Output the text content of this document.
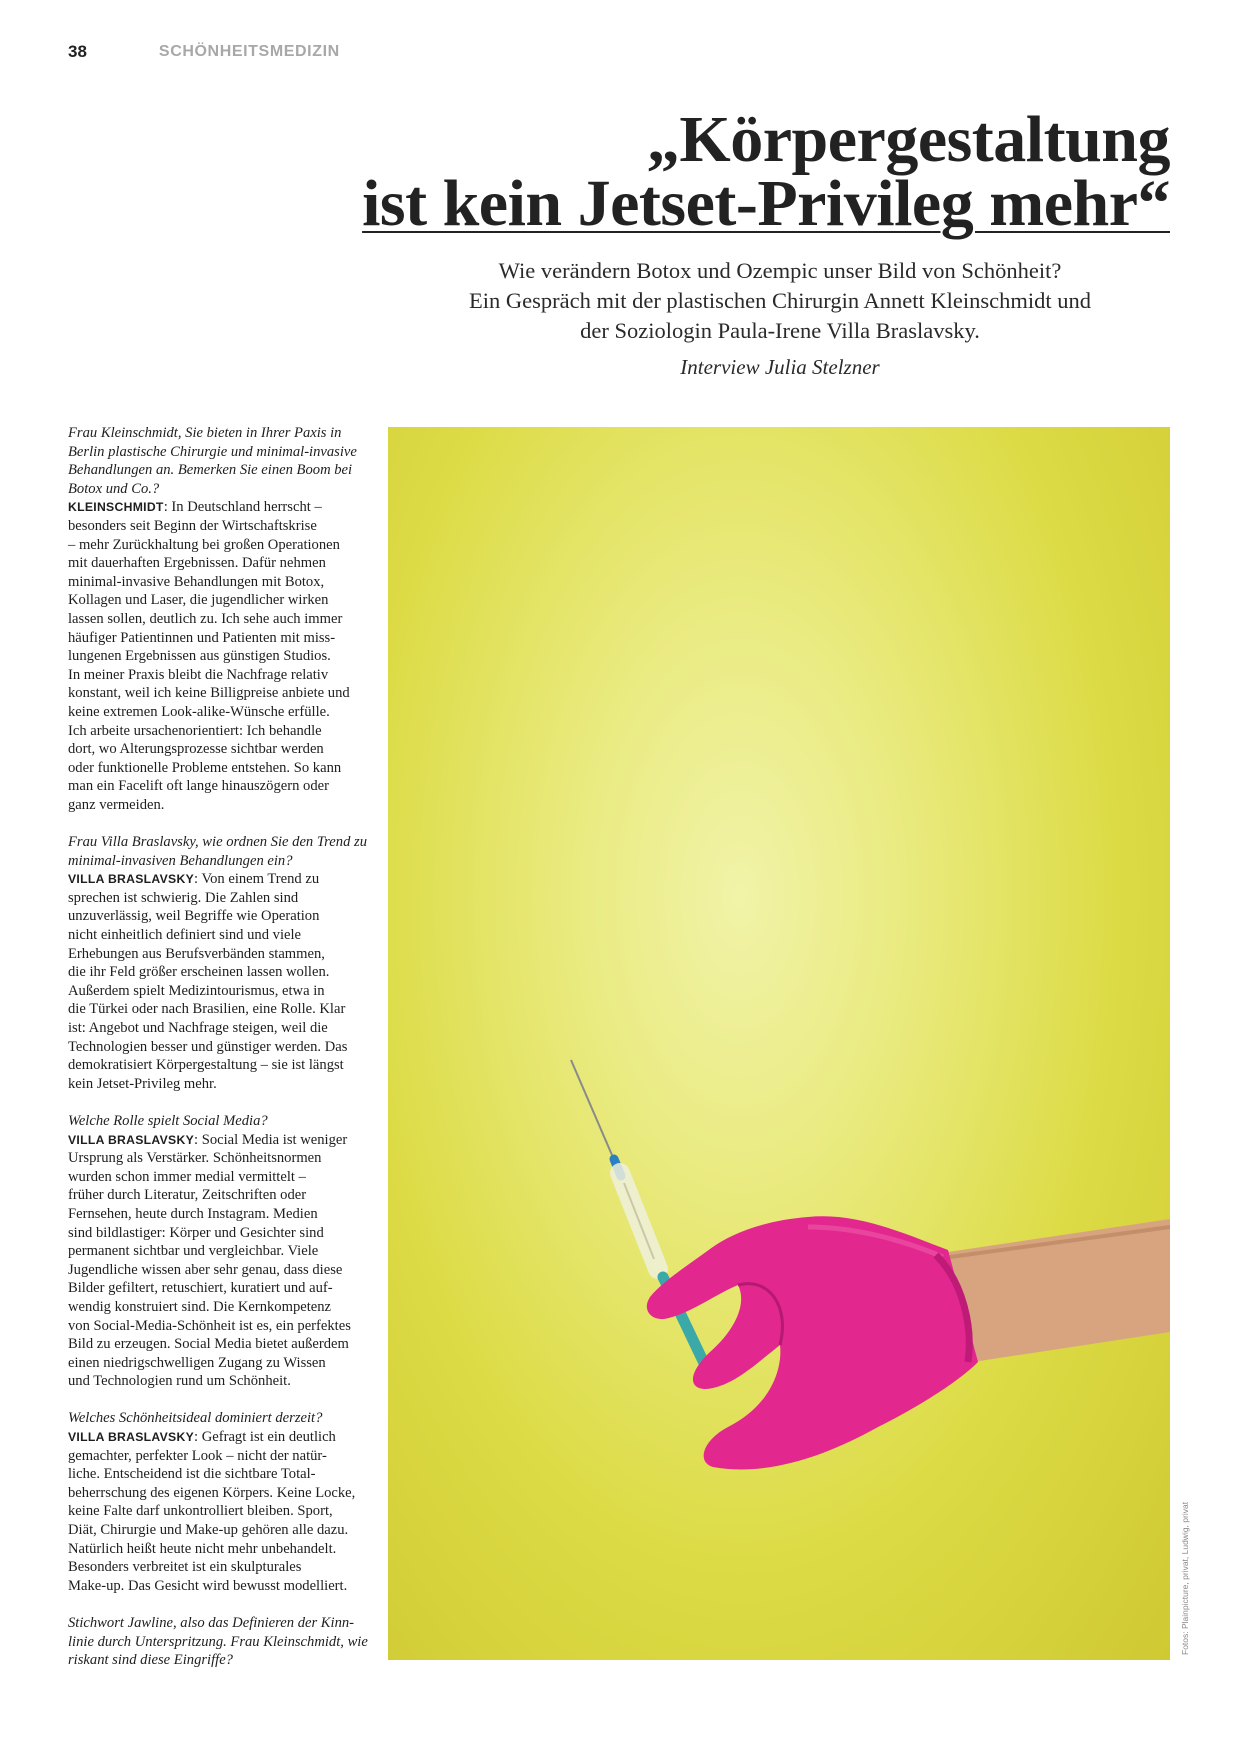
38	SCHÖNHEITSMEDIZIN
„Körpergestaltung
ist kein Jetset-Privileg mehr“
Wie verändern Botox und Ozempic unser Bild von Schönheit?
Ein Gespräch mit der plastischen Chirurgin Annett Kleinschmidt und
der Soziologin Paula-Irene Villa Braslavsky.
Interview Julia Stelzner
Frau Kleinschmidt, Sie bieten in Ihrer Paxis in
Berlin plastische Chirurgie und minimal-invasive
Behandlungen an. Bemerken Sie einen Boom bei
Botox und Co.?
KLEINSCHMIDT: In Deutschland herrscht –
besonders seit Beginn der Wirtschaftskrise
– mehr Zurückhaltung bei großen Operationen
mit dauerhaften Ergebnissen. Dafür nehmen
minimal-invasive Behandlungen mit Botox,
Kollagen und Laser, die jugendlicher wirken
lassen sollen, deutlich zu. Ich sehe auch immer
häufiger Patientinnen und Patienten mit miss-
lungenen Ergebnissen aus günstigen Studios.
In meiner Praxis bleibt die Nachfrage relativ
konstant, weil ich keine Billigpreise anbiete und
keine extremen Look-alike-Wünsche erfülle.
Ich arbeite ursachenorientiert: Ich behandle
dort, wo Alterungsprozesse sichtbar werden
oder funktionelle Probleme entstehen. So kann
man ein Facelift oft lange hinauszögern oder
ganz vermeiden.
Frau Villa Braslavsky, wie ordnen Sie den Trend zu
minimal-invasiven Behandlungen ein?
VILLA BRASLAVSKY: Von einem Trend zu
sprechen ist schwierig. Die Zahlen sind
unzuverlässig, weil Begriffe wie Operation
nicht einheitlich definiert sind und viele
Erhebungen aus Berufsverbänden stammen,
die ihr Feld größer erscheinen lassen wollen.
Außerdem spielt Medizintourismus, etwa in
die Türkei oder nach Brasilien, eine Rolle. Klar
ist: Angebot und Nachfrage steigen, weil die
Technologien besser und günstiger werden. Das
demokratisiert Körpergestaltung – sie ist längst
kein Jetset-Privileg mehr.
Welche Rolle spielt Social Media?
VILLA BRASLAVSKY: Social Media ist weniger
Ursprung als Verstärker. Schönheitsnormen
wurden schon immer medial vermittelt –
früher durch Literatur, Zeitschriften oder
Fernsehen, heute durch Instagram. Medien
sind bildlastiger: Körper und Gesichter sind
permanent sichtbar und vergleichbar. Viele
Jugendliche wissen aber sehr genau, dass diese
Bilder gefiltert, retuschiert, kuratiert und auf-
wendig konstruiert sind. Die Kernkompetenz
von Social-Media-Schönheit ist es, ein perfektes
Bild zu erzeugen. Social Media bietet außerdem
einen niedrigschwelligen Zugang zu Wissen
und Technologien rund um Schönheit.
Welches Schönheitsideal dominiert derzeit?
VILLA BRASLAVSKY: Gefragt ist ein deutlich
gemachter, perfekter Look – nicht der natür-
liche. Entscheidend ist die sichtbare Total-
beherrschung des eigenen Körpers. Keine Locke,
keine Falte darf unkontrolliert bleiben. Sport,
Diät, Chirurgie und Make-up gehören alle dazu.
Natürlich heißt heute nicht mehr unbehandelt.
Besonders verbreitet ist ein skulpturales
Make-up. Das Gesicht wird bewusst modelliert.
Stichwort Jawline, also das Definieren der Kinn-
linie durch Unterspritzung. Frau Kleinschmidt, wie
riskant sind diese Eingriffe?
Fotos: Plainpicture, privat, Ludwig, privat
